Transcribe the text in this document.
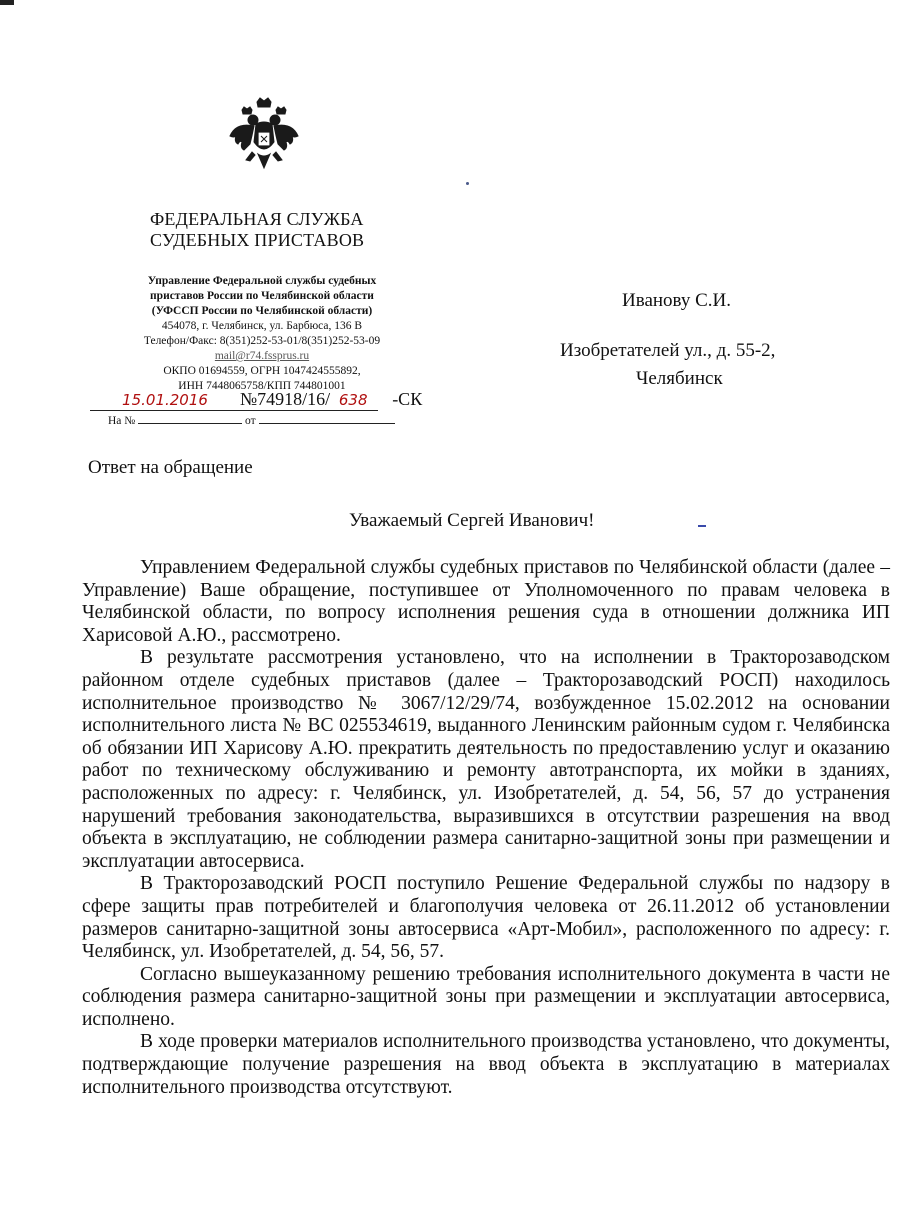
ФЕДЕРАЛЬНАЯ СЛУЖБА
СУДЕБНЫХ ПРИСТАВОВ
Управление Федеральной службы судебных
приставов России по Челябинской области
(УФССП России по Челябинской области)
454078, г. Челябинск, ул. Барбюса, 136 В
Телефон/Факс: 8(351)252-53-01/8(351)252-53-09
mail@r74.fssprus.ru
ОКПО 01694559, ОГРН 1047424555892,
ИНН 7448065758/КПП 744801001
15.01.2016 №74918/16/ 638 -СК
На №	от
Иванову С.И.
Изобретателей ул., д. 55-2,
Челябинск
Ответ на обращение
Уважаемый Сергей Иванович!

Управлением Федеральной службы судебных приставов по Челябинской области (далее – Управление) Ваше обращение, поступившее от Уполномоченного по правам человека в Челябинской области, по вопросу исполнения решения суда в отношении должника ИП Харисовой А.Ю., рассмотрено.

В результате рассмотрения установлено, что на исполнении в Тракторозаводском районном отделе судебных приставов (далее – Тракторозаводский РОСП) находилось исполнительное производство № 3067/12/29/74, возбужденное 15.02.2012 на основании исполнительного листа № ВС 025534619, выданного Ленинским районным судом г. Челябинска об обязании ИП Харисову А.Ю. прекратить деятельность по предоставлению услуг и оказанию работ по техническому обслуживанию и ремонту автотранспорта, их мойки в зданиях, расположенных по адресу: г. Челябинск, ул. Изобретателей, д. 54, 56, 57 до устранения нарушений требования законодательства, выразившихся в отсутствии разрешения на ввод объекта в эксплуатацию, не соблюдении размера санитарно-защитной зоны при размещении и эксплуатации автосервиса.

В Тракторозаводский РОСП поступило Решение Федеральной службы по надзору в сфере защиты прав потребителей и благополучия человека от 26.11.2012 об установлении размеров санитарно-защитной зоны автосервиса «Арт-Мобил», расположенного по адресу: г. Челябинск, ул. Изобретателей, д. 54, 56, 57.

Согласно вышеуказанному решению требования исполнительного документа в части не соблюдения размера санитарно-защитной зоны при размещении и эксплуатации автосервиса, исполнено.

В ходе проверки материалов исполнительного производства установлено, что документы, подтверждающие получение разрешения на ввод объекта в эксплуатацию в материалах исполнительного производства отсутствуют.
